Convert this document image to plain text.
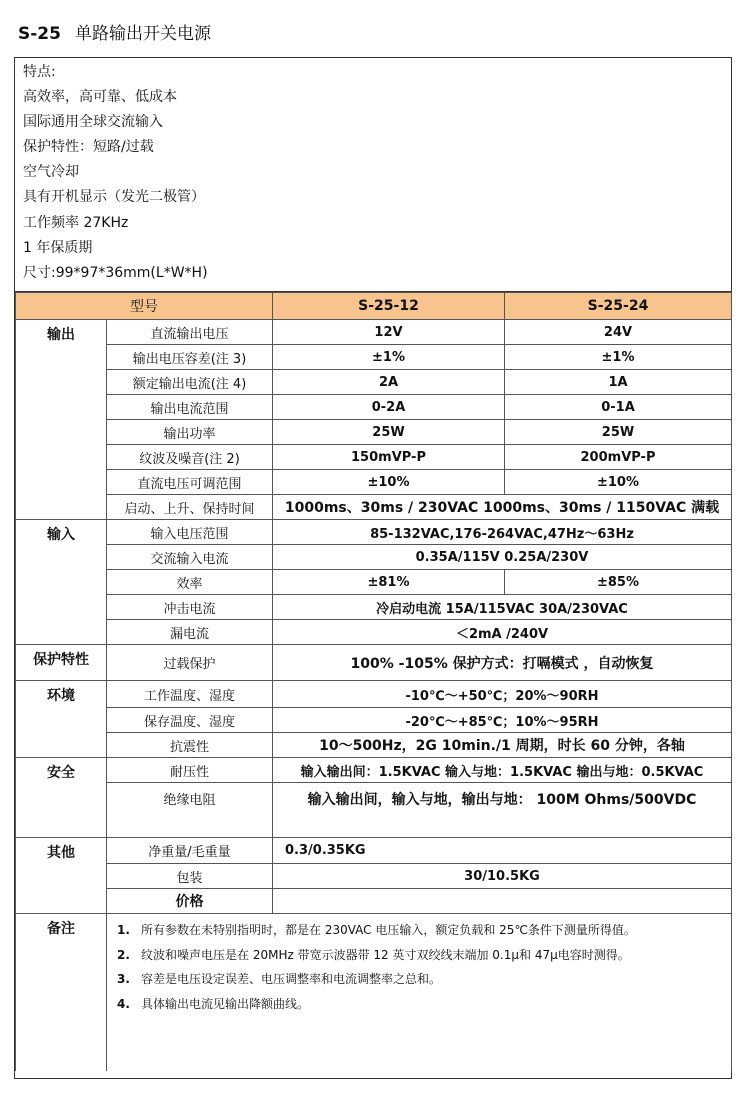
S-25 单路输出开关电源
特点:
高效率，高可靠、低成本
国际通用全球交流输入
保护特性：短路/过载
空气冷却
具有开机显示（发光二极管）
工作频率 27KHz
1 年保质期
尺寸:99*97*36mm(L*W*H)
型号		S-25-12	S-25-24
输出	直流输出电压	12V	24V
	输出电压容差(注 3)	±1%	±1%
	额定输出电流(注 4)	2A	1A
	输出电流范围	0-2A	0-1A
	输出功率	25W	25W
	纹波及噪音(注 2)	150mVP-P	200mVP-P
	直流电压可调范围	±10%	±10%
	启动、上升、保持时间	1000ms、30ms / 230VAC 1000ms、30ms / 1150VAC 满载	
输入	输入电压范围	85-132VAC,176-264VAC,47Hz～63Hz	
	交流输入电流	0.35A/115V 0.25A/230V	
	效率	±81%	±85%
	冲击电流	冷启动电流 15A/115VAC 30A/230VAC	
	漏电流	＜2mA /240V	
保护特性	过载保护	100% -105% 保护方式：打嗝模式 ，自动恢复	
环境	工作温度、湿度	-10℃～+50℃；20%～90RH	
	保存温度、湿度	-20℃～+85℃；10%～95RH	
	抗震性	10～500Hz，2G 10min./1 周期，时长 60 分钟，各轴	
安全	耐压性	输入输出间：1.5KVAC 输入与地：1.5KVAC 输出与地：0.5KVAC	
	绝缘电阻	输入输出间，输入与地，输出与地： 100M Ohms/500VDC	
其他	净重量/毛重量	0.3/0.35KG	
	包装	30/10.5KG	
	价格		
备注	1. 所有参数在未特别指明时，都是在 230VAC 电压输入，额定负载和 25℃条件下测量所得值。
2. 纹波和噪声电压是在 20MHz 带宽示波器带 12 英寸双绞线末端加 0.1μ和 47μ电容时测得。
3. 容差是电压设定误差、电压调整率和电流调整率之总和。
4. 具体输出电流见输出降额曲线。		
